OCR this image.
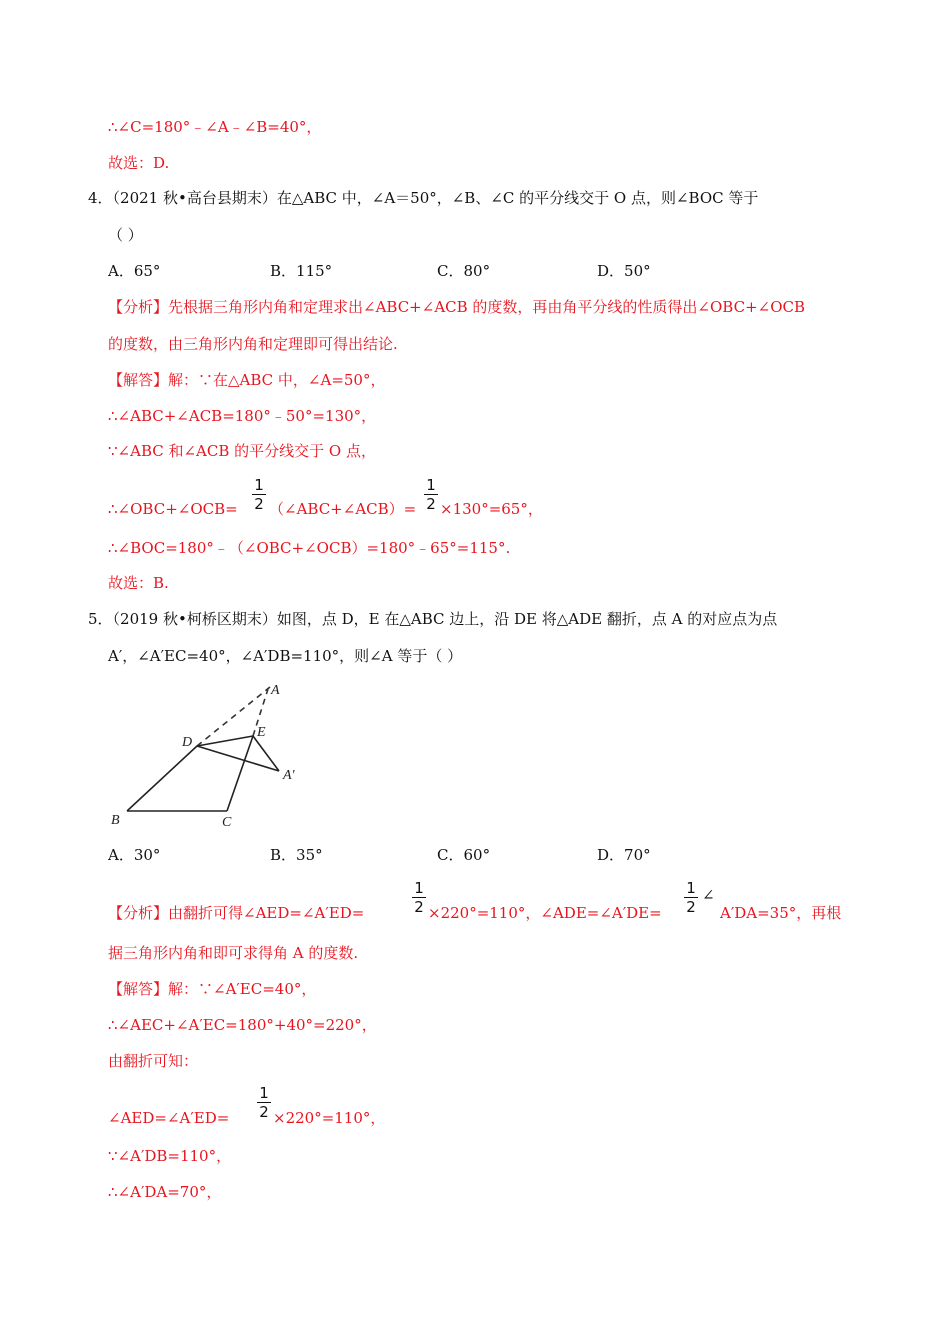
∴∠C=180°﹣∠A﹣∠B=40°，
故选：D.
4．（2021 秋•高台县期末）在△ABC 中，∠A＝50°，∠B、∠C 的平分线交于 O 点，则∠BOC 等于
（ ）
A．65°	B．115°	C．80°	D．50°
【分析】先根据三角形内角和定理求出∠ABC+∠ACB 的度数，再由角平分线的性质得出∠OBC+∠OCB
的度数，由三角形内角和定理即可得出结论.
【解答】解：∵在△ABC 中，∠A=50°，
∴∠ABC+∠ACB=180°﹣50°=130°，
∵∠ABC 和∠ACB 的平分线交于 O 点，
∴∠OBC+∠OCB= $\frac{1}{2}$ （∠ABC+∠ACB）= $\frac{1}{2} \times 130^\circ=65^\circ$，
∴∠BOC=180°﹣（∠OBC+∠OCB）=180°﹣65°=115°.
故选：B.
5．（2019 秋•柯桥区期末）如图，点 D，E 在△ABC 边上，沿 DE 将△ADE 翻折，点 A 的对应点为点
A′，∠A′EC=40°，∠A′DB=110°，则∠A 等于（ ）
A
E
D
A′
B	C
A．30°	B．35°	C．60°	D．70°
【分析】由翻折可得∠AED=∠A′ED=	$\frac{1}{2} \times 220^\circ=110^\circ$，∠ADE=∠A′DE= $\frac{1}{2}$ ∠
A′DA=35°，再根
据三角形内角和即可求得角 A 的度数.
【解答】解：∵∠A′EC=40°，
∴∠AEC+∠A′EC=180°+40°=220°，
由翻折可知：
∠AED=∠A′ED= $\frac{1}{2} \times 220^\circ=110^\circ$，
∵∠A′DB=110°，
∴∠A′DA=70°，
